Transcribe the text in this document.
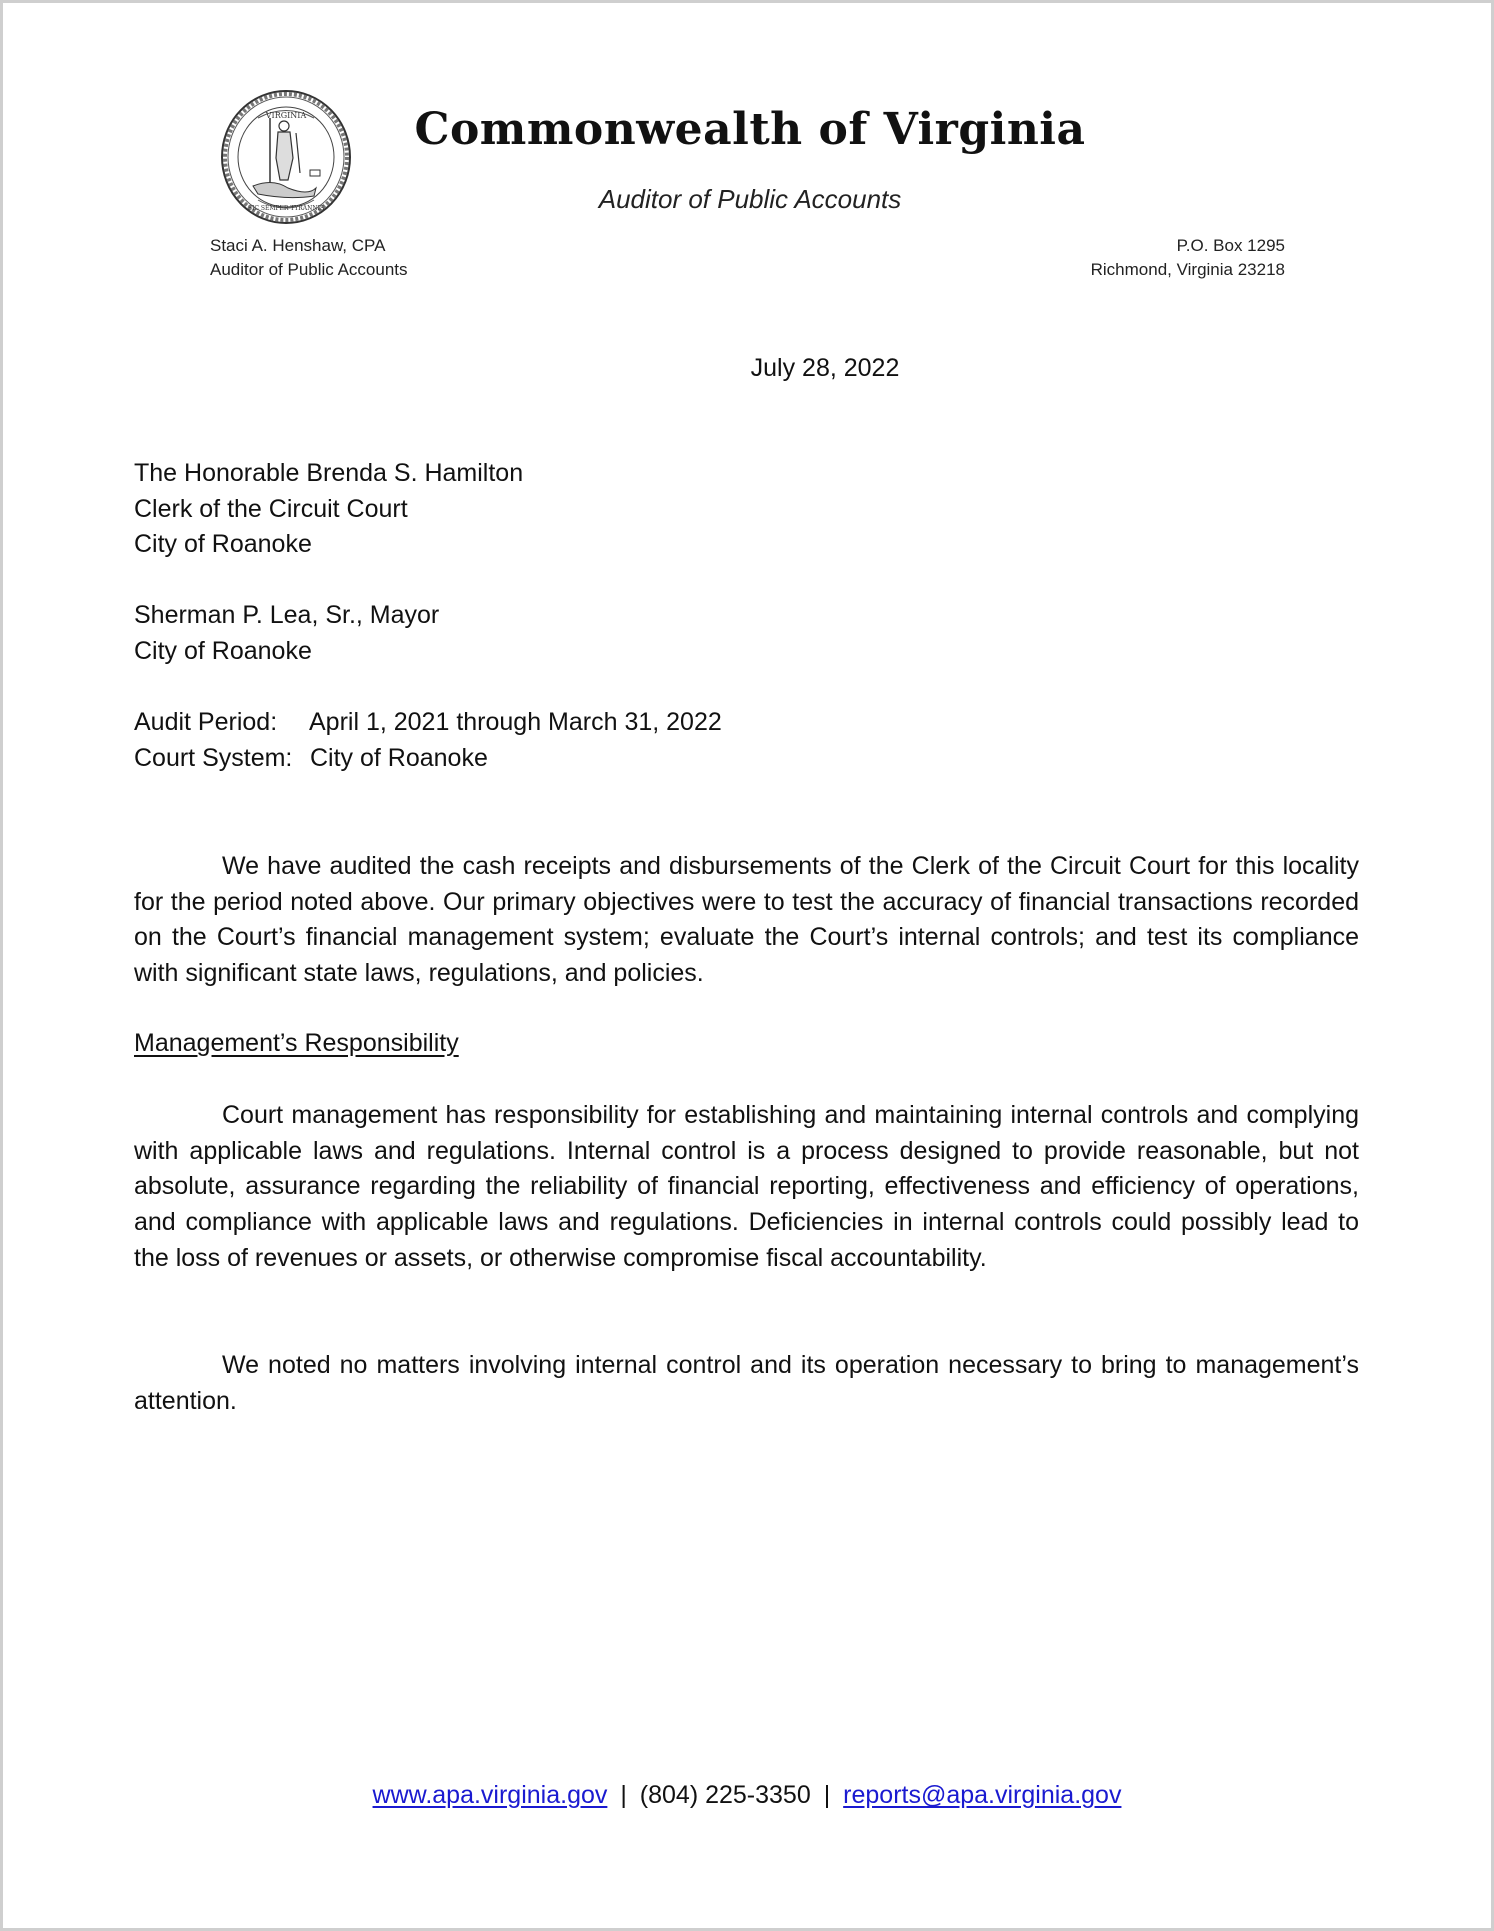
VIRGINIA
SIC SEMPER TYRANNIS
Commonwealth of Virginia
Auditor of Public Accounts
Staci A. Henshaw, CPA
Auditor of Public Accounts
P.O. Box 1295
Richmond, Virginia 23218
July 28, 2022
The Honorable Brenda S. Hamilton
Clerk of the Circuit Court
City of Roanoke
Sherman P. Lea, Sr., Mayor
City of Roanoke
Audit Period: April 1, 2021 through March 31, 2022
Court System: City of Roanoke
We have audited the cash receipts and disbursements of the Clerk of the Circuit Court for this locality for the period noted above. Our primary objectives were to test the accuracy of financial transactions recorded on the Court’s financial management system; evaluate the Court’s internal controls; and test its compliance with significant state laws, regulations, and policies.
Management’s Responsibility
Court management has responsibility for establishing and maintaining internal controls and complying with applicable laws and regulations. Internal control is a process designed to provide reasonable, but not absolute, assurance regarding the reliability of financial reporting, effectiveness and efficiency of operations, and compliance with applicable laws and regulations. Deficiencies in internal controls could possibly lead to the loss of revenues or assets, or otherwise compromise fiscal accountability.
We noted no matters involving internal control and its operation necessary to bring to management’s attention.
www.apa.virginia.gov | (804) 225-3350 | reports@apa.virginia.gov
